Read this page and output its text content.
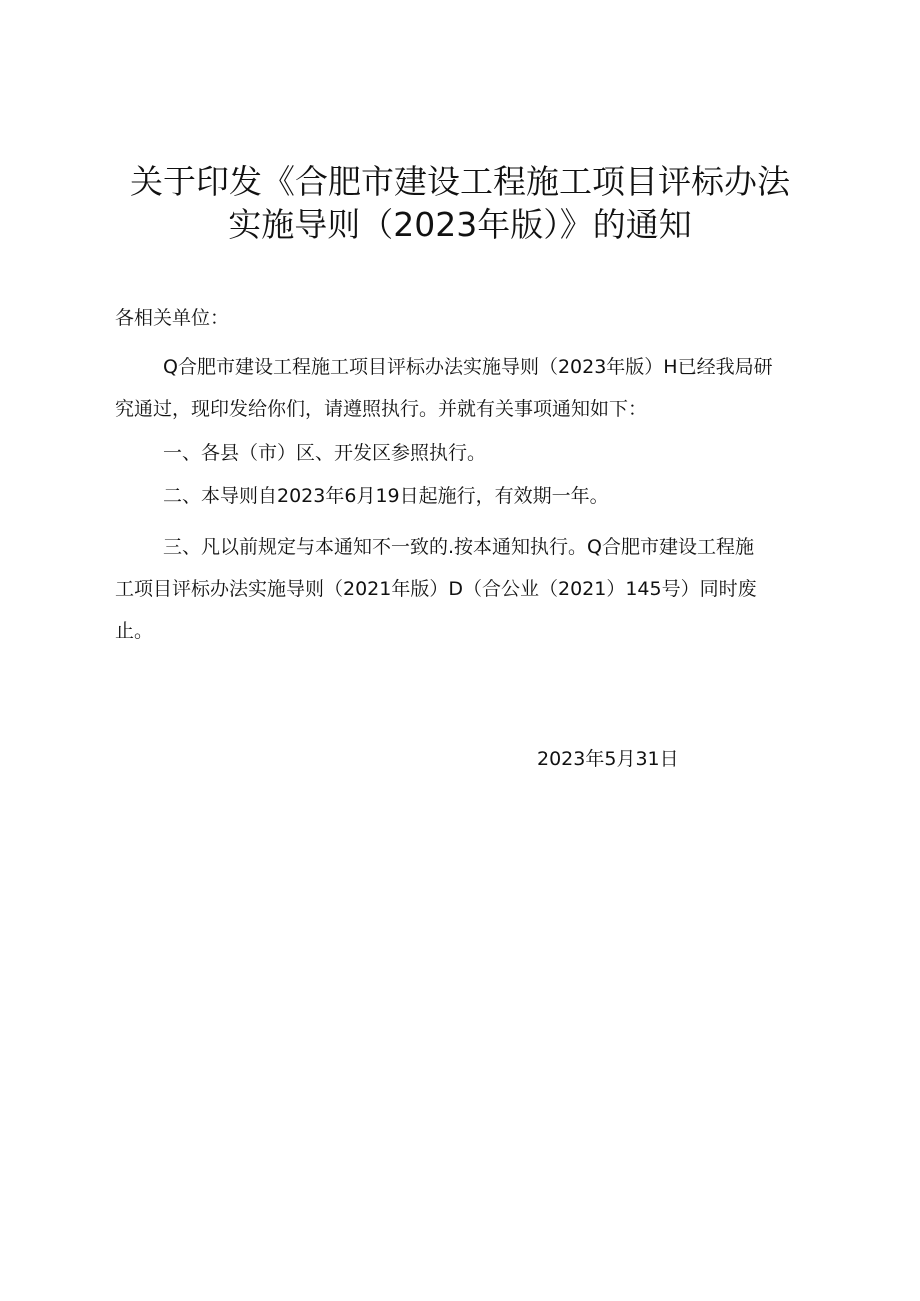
关于印发《合肥市建设工程施工项目评标办法
实施导则（2023年版）》的通知

各相关单位：

Q合肥市建设工程施工项目评标办法实施导则（2023年版）H已经我局研
究通过，现印发给你们，请遵照执行。并就有关事项通知如下：
一、各县（市）区、开发区参照执行。
二、本导则自2023年6月19日起施行，有效期一年。
三、凡以前规定与本通知不一致的.按本通知执行。Q合肥市建设工程施
工项目评标办法实施导则（2021年版）D（合公业（2021）145号）同时废
止。

2023年5月31日
